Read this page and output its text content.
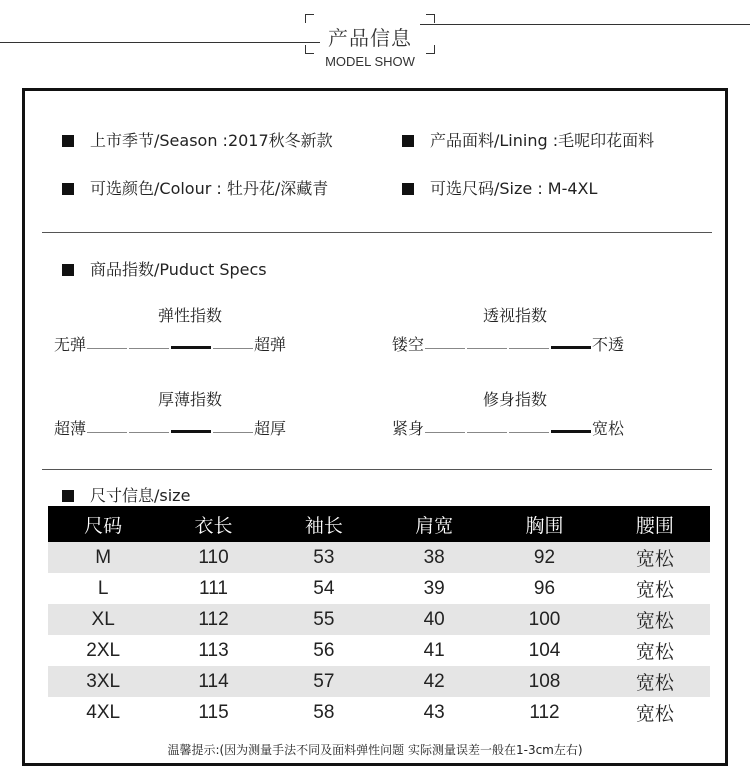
产品信息
MODEL SHOW
上市季节/Season :2017秋冬新款	产品面料/Lining :毛呢印花面料
可选颜色/Colour : 牡丹花/深藏青	可选尺码/Size : M-4XL
商品指数/Puduct Specs
弹性指数
无弹	超弹
透视指数
镂空	不透
厚薄指数
超薄	超厚
修身指数
紧身	宽松
尺寸信息/size
尺码	衣长	袖长	肩宽	胸围	腰围
M	110	53	38	92	宽松
L	111	54	39	96	宽松
XL	112	55	40	100	宽松
2XL	113	56	41	104	宽松
3XL	114	57	42	108	宽松
4XL	115	58	43	112	宽松
温馨提示:(因为测量手法不同及面料弹性问题 实际测量误差一般在1-3cm左右)
